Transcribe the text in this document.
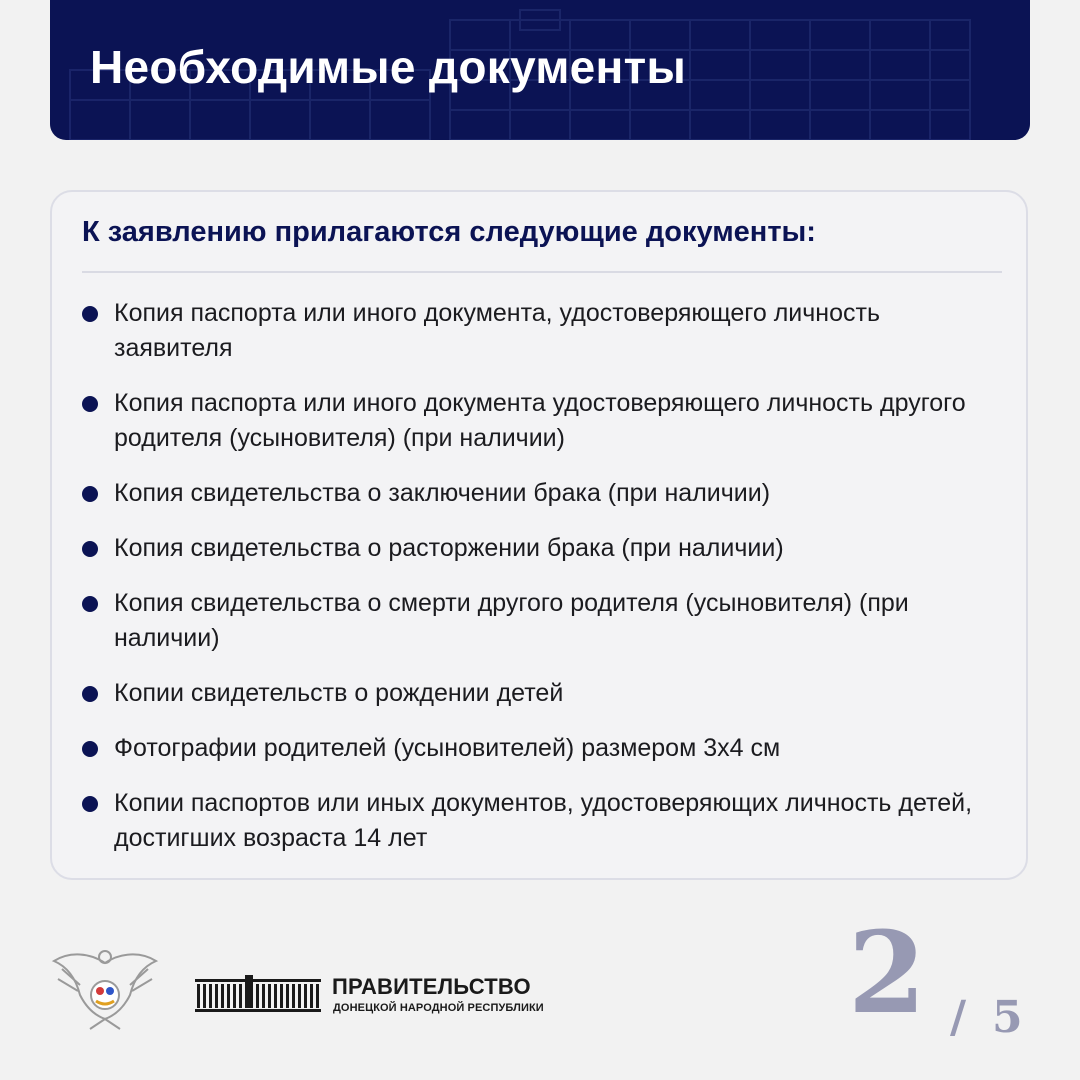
Необходимые документы
К заявлению прилагаются следующие документы:
Копия паспорта или иного документа, удостоверяющего личность заявителя
Копия паспорта или иного документа удостоверяющего личность другого родителя (усыновителя) (при наличии)
Копия свидетельства о заключении брака (при наличии)
Копия свидетельства о расторжении брака (при наличии)
Копия свидетельства о смерти другого родителя (усыновителя) (при наличии)
Копии свидетельств о рождении детей
Фотографии родителей (усыновителей) размером 3х4 см
Копии паспортов или иных документов, удостоверяющих личность детей, достигших возраста 14 лет
ПРАВИТЕЛЬСТВО
ДОНЕЦКОЙ НАРОДНОЙ РЕСПУБЛИКИ	2 / 5
